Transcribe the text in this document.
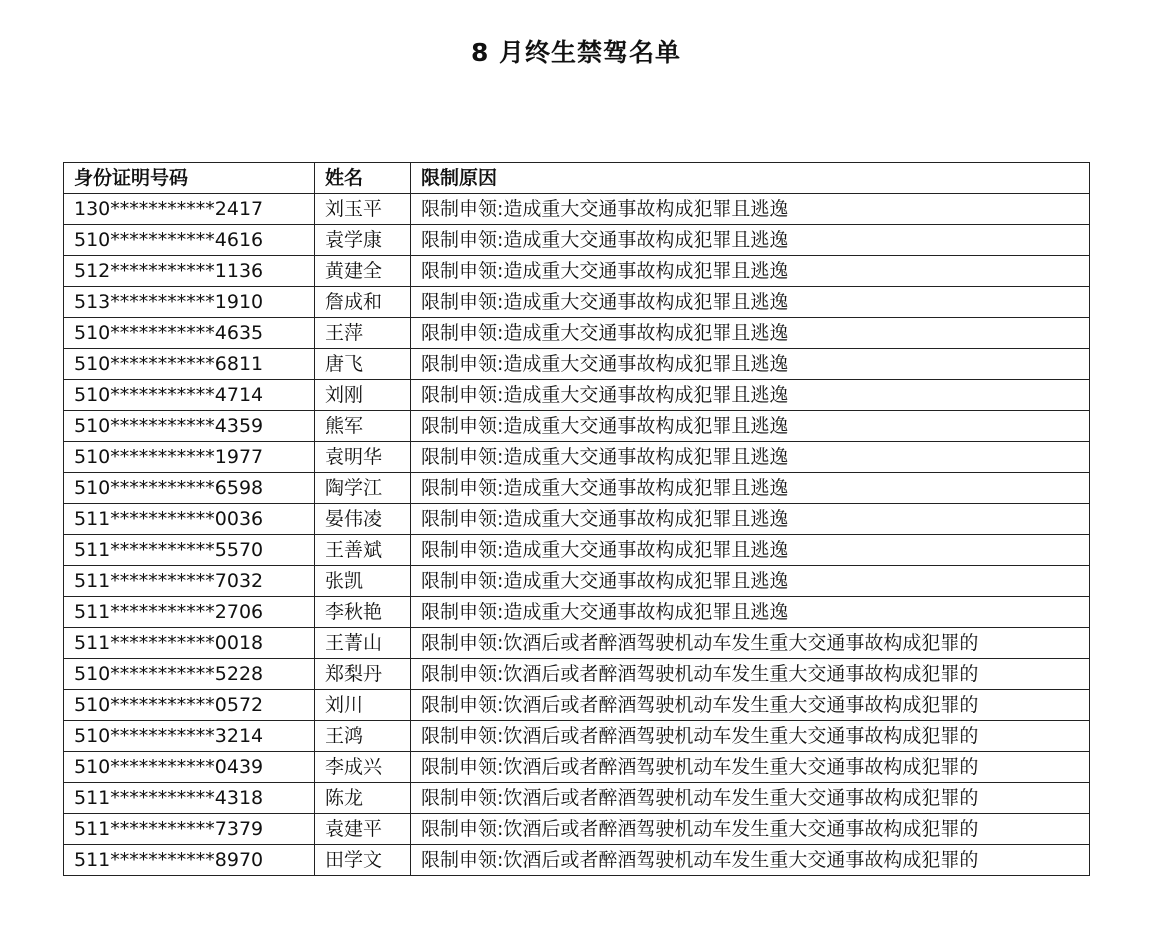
8 月终生禁驾名单
身份证明号码	姓名	限制原因
130***********2417	刘玉平	限制申领:造成重大交通事故构成犯罪且逃逸
510***********4616	袁学康	限制申领:造成重大交通事故构成犯罪且逃逸
512***********1136	黄建全	限制申领:造成重大交通事故构成犯罪且逃逸
513***********1910	詹成和	限制申领:造成重大交通事故构成犯罪且逃逸
510***********4635	王萍	限制申领:造成重大交通事故构成犯罪且逃逸
510***********6811	唐飞	限制申领:造成重大交通事故构成犯罪且逃逸
510***********4714	刘刚	限制申领:造成重大交通事故构成犯罪且逃逸
510***********4359	熊军	限制申领:造成重大交通事故构成犯罪且逃逸
510***********1977	袁明华	限制申领:造成重大交通事故构成犯罪且逃逸
510***********6598	陶学江	限制申领:造成重大交通事故构成犯罪且逃逸
511***********0036	晏伟凌	限制申领:造成重大交通事故构成犯罪且逃逸
511***********5570	王善斌	限制申领:造成重大交通事故构成犯罪且逃逸
511***********7032	张凯	限制申领:造成重大交通事故构成犯罪且逃逸
511***********2706	李秋艳	限制申领:造成重大交通事故构成犯罪且逃逸
511***********0018	王菁山	限制申领:饮酒后或者醉酒驾驶机动车发生重大交通事故构成犯罪的
510***********5228	郑梨丹	限制申领:饮酒后或者醉酒驾驶机动车发生重大交通事故构成犯罪的
510***********0572	刘川	限制申领:饮酒后或者醉酒驾驶机动车发生重大交通事故构成犯罪的
510***********3214	王鸿	限制申领:饮酒后或者醉酒驾驶机动车发生重大交通事故构成犯罪的
510***********0439	李成兴	限制申领:饮酒后或者醉酒驾驶机动车发生重大交通事故构成犯罪的
511***********4318	陈龙	限制申领:饮酒后或者醉酒驾驶机动车发生重大交通事故构成犯罪的
511***********7379	袁建平	限制申领:饮酒后或者醉酒驾驶机动车发生重大交通事故构成犯罪的
511***********8970	田学文	限制申领:饮酒后或者醉酒驾驶机动车发生重大交通事故构成犯罪的
